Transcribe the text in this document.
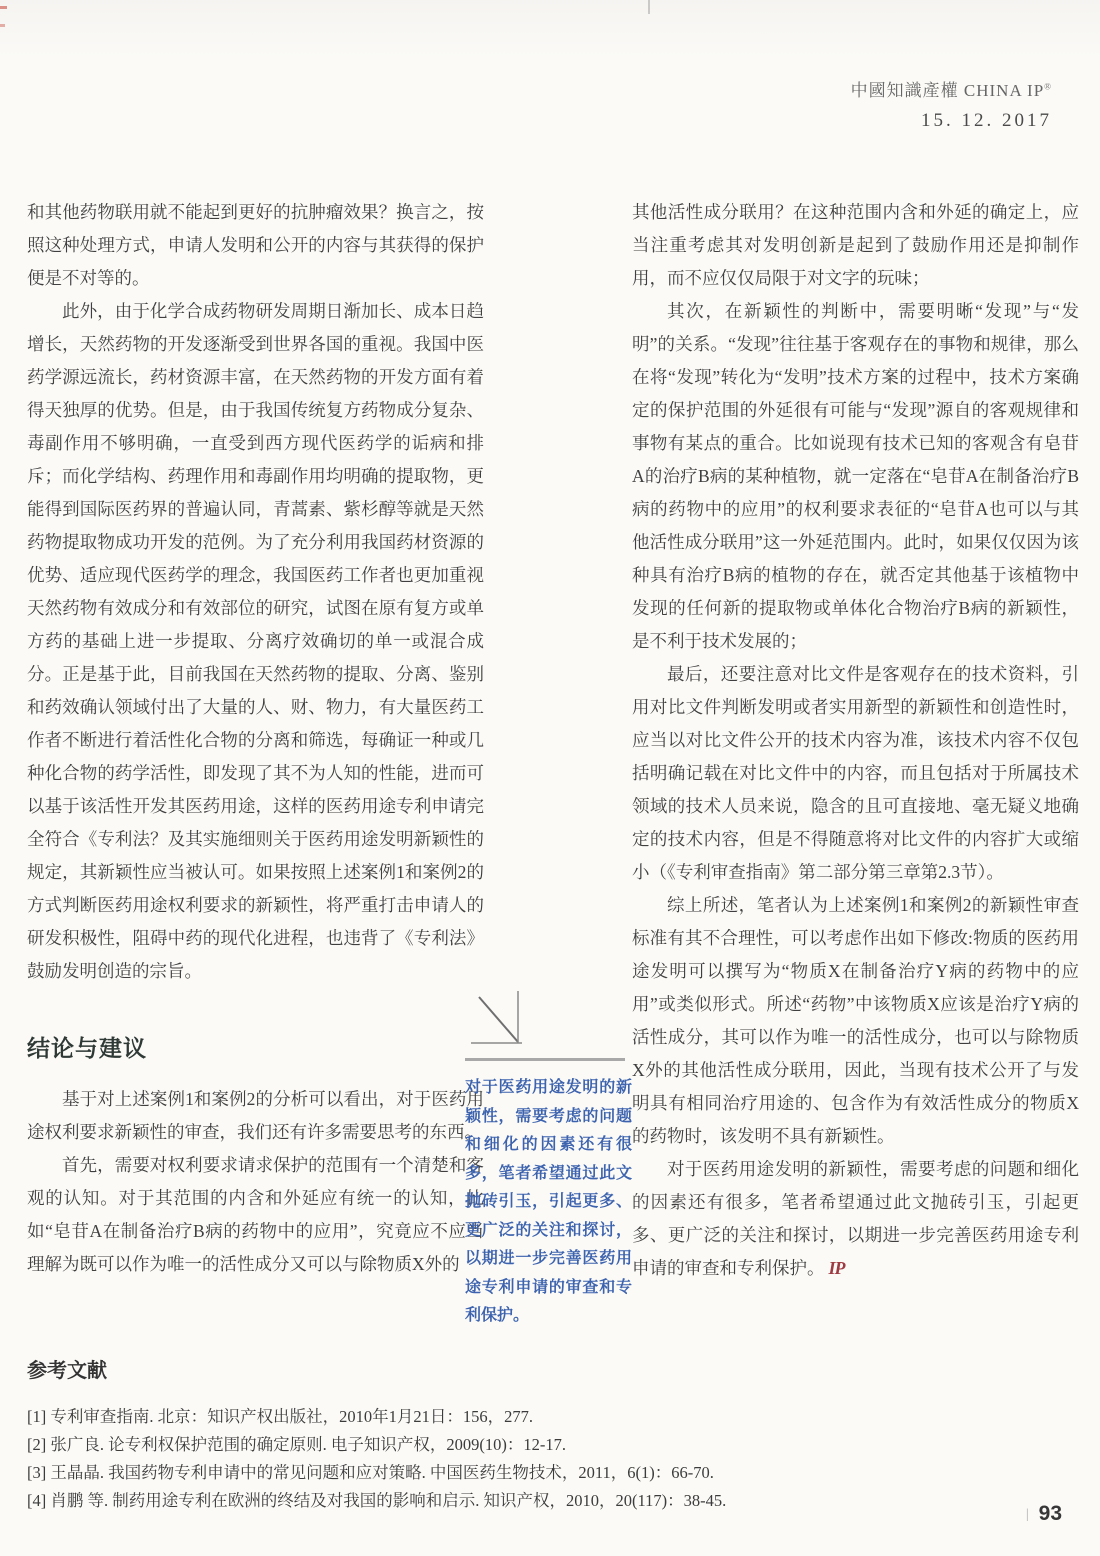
中國知識產權 CHINA IP®
15. 12. 2017

和其他药物联用就不能起到更好的抗肿瘤效果？换言之，按照这种处理方式，申请人发明和公开的内容与其获得的保护便是不对等的。

此外，由于化学合成药物研发周期日渐加长、成本日趋增长，天然药物的开发逐渐受到世界各国的重视。我国中医药学源远流长，药材资源丰富，在天然药物的开发方面有着得天独厚的优势。但是，由于我国传统复方药物成分复杂、毒副作用不够明确，一直受到西方现代医药学的诟病和排斥；而化学结构、药理作用和毒副作用均明确的提取物，更能得到国际医药界的普遍认同，青蒿素、紫杉醇等就是天然药物提取物成功开发的范例。为了充分利用我国药材资源的优势、适应现代医药学的理念，我国医药工作者也更加重视天然药物有效成分和有效部位的研究，试图在原有复方或单方药的基础上进一步提取、分离疗效确切的单一或混合成分。正是基于此，目前我国在天然药物的提取、分离、鉴别和药效确认领域付出了大量的人、财、物力，有大量医药工作者不断进行着活性化合物的分离和筛选，每确证一种或几种化合物的药学活性，即发现了其不为人知的性能，进而可以基于该活性开发其医药用途，这样的医药用途专利申请完全符合《专利法？及其实施细则关于医药用途发明新颖性的规定，其新颖性应当被认可。如果按照上述案例1和案例2的方式判断医药用途权利要求的新颖性，将严重打击申请人的研发积极性，阻碍中药的现代化进程，也违背了《专利法》鼓励发明创造的宗旨。

结论与建议

基于对上述案例1和案例2的分析可以看出，对于医药用途权利要求新颖性的审查，我们还有许多需要思考的东西。

首先，需要对权利要求请求保护的范围有一个清楚和客观的认知。对于其范围的内含和外延应有统一的认知，比如“皂苷A在制备治疗B病的药物中的应用”，究竟应不应当理解为既可以作为唯一的活性成分又可以与除物质X外的

对于医药用途发明的新颖性，需要考虑的问题和细化的因素还有很多，笔者希望通过此文抛砖引玉，引起更多、更广泛的关注和探讨，以期进一步完善医药用途专利申请的审查和专利保护。

其他活性成分联用？在这种范围内含和外延的确定上，应当注重考虑其对发明创新是起到了鼓励作用还是抑制作用，而不应仅仅局限于对文字的玩味；

其次，在新颖性的判断中，需要明晰“发现”与“发明”的关系。“发现”往往基于客观存在的事物和规律，那么在将“发现”转化为“发明”技术方案的过程中，技术方案确定的保护范围的外延很有可能与“发现”源自的客观规律和事物有某点的重合。比如说现有技术已知的客观含有皂苷A的治疗B病的某种植物，就一定落在“皂苷A在制备治疗B病的药物中的应用”的权利要求表征的“皂苷A也可以与其他活性成分联用”这一外延范围内。此时，如果仅仅因为该种具有治疗B病的植物的存在，就否定其他基于该植物中发现的任何新的提取物或单体化合物治疗B病的新颖性，是不利于技术发展的；

最后，还要注意对比文件是客观存在的技术资料，引用对比文件判断发明或者实用新型的新颖性和创造性时，应当以对比文件公开的技术内容为准，该技术内容不仅包括明确记载在对比文件中的内容，而且包括对于所属技术领域的技术人员来说，隐含的且可直接地、毫无疑义地确定的技术内容，但是不得随意将对比文件的内容扩大或缩小（《专利审查指南》第二部分第三章第2.3节）。

综上所述，笔者认为上述案例1和案例2的新颖性审查标准有其不合理性，可以考虑作出如下修改:物质的医药用途发明可以撰写为“物质X在制备治疗Y病的药物中的应用”或类似形式。所述“药物”中该物质X应该是治疗Y病的活性成分，其可以作为唯一的活性成分，也可以与除物质X外的其他活性成分联用，因此，当现有技术公开了与发明具有相同治疗用途的、包含作为有效活性成分的物质X的药物时，该发明不具有新颖性。

对于医药用途发明的新颖性，需要考虑的问题和细化的因素还有很多，笔者希望通过此文抛砖引玉，引起更多、更广泛的关注和探讨，以期进一步完善医药用途专利申请的审查和专利保护。 IP

参考文献
[1] 专利审查指南. 北京：知识产权出版社，2010年1月21日：156，277.
[2] 张广良. 论专利权保护范围的确定原则. 电子知识产权，2009(10)：12-17.
[3] 王晶晶. 我国药物专利申请中的常见问题和应对策略. 中国医药生物技术，2011，6(1)：66-70.
[4] 肖鹏 等. 制药用途专利在欧洲的终结及对我国的影响和启示. 知识产权，2010，20(117)：38-45.
| 93
